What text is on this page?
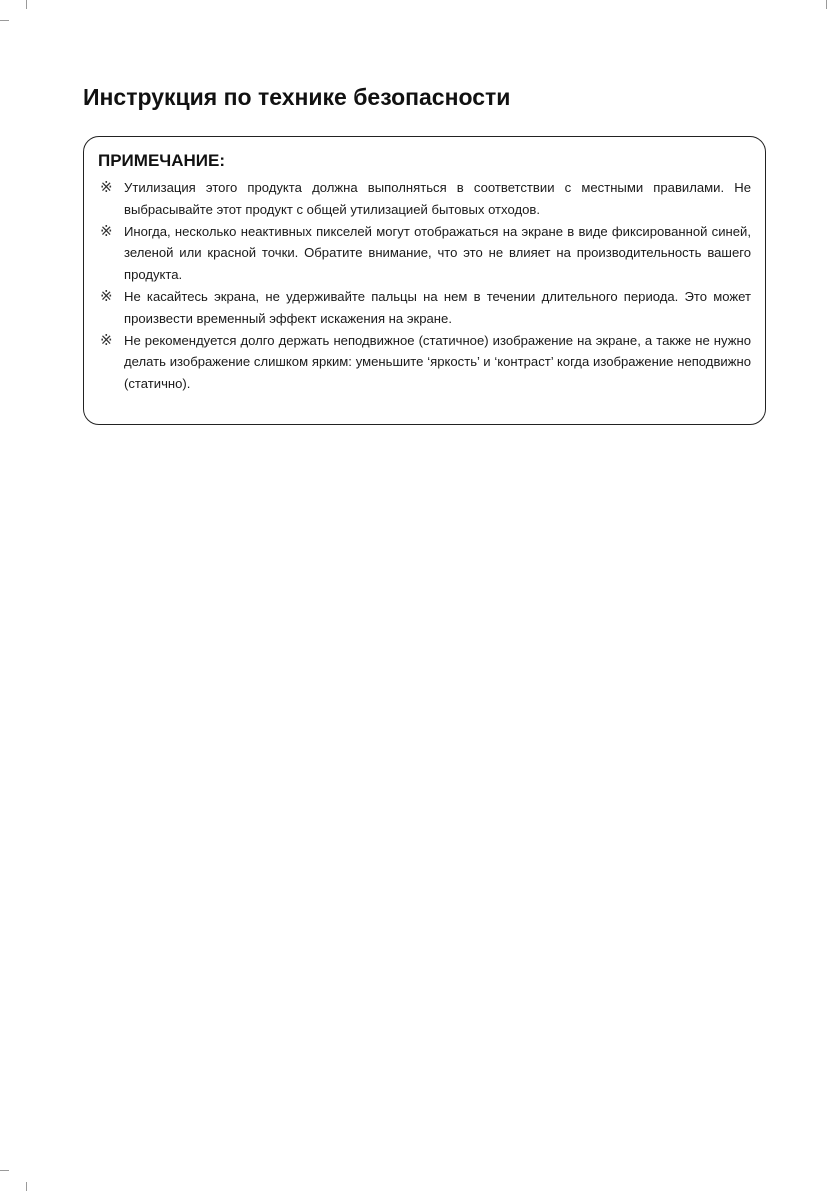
Инструкция по технике безопасности
ПРИМЕЧАНИЕ:
※ Утилизация этого продукта должна выполняться в соответствии с местными правилами. Не выбрасывайте этот продукт с общей утилизацией бытовых отходов.
※ Иногда, несколько неактивных пикселей могут отображаться на экране в виде фиксированной синей, зеленой или красной точки. Обратите внимание, что это не влияет на производительность вашего продукта.
※ Не касайтесь экрана, не удерживайте пальцы на нем в течении длительного периода. Это может произвести временный эффект искажения на экране.
※ Не рекомендуется долго держать неподвижное (статичное) изображение на экране, а также не нужно делать изображение слишком ярким: уменьшите ‘яркость’ и ‘контраст’ когда изображение неподвижно (статично).
